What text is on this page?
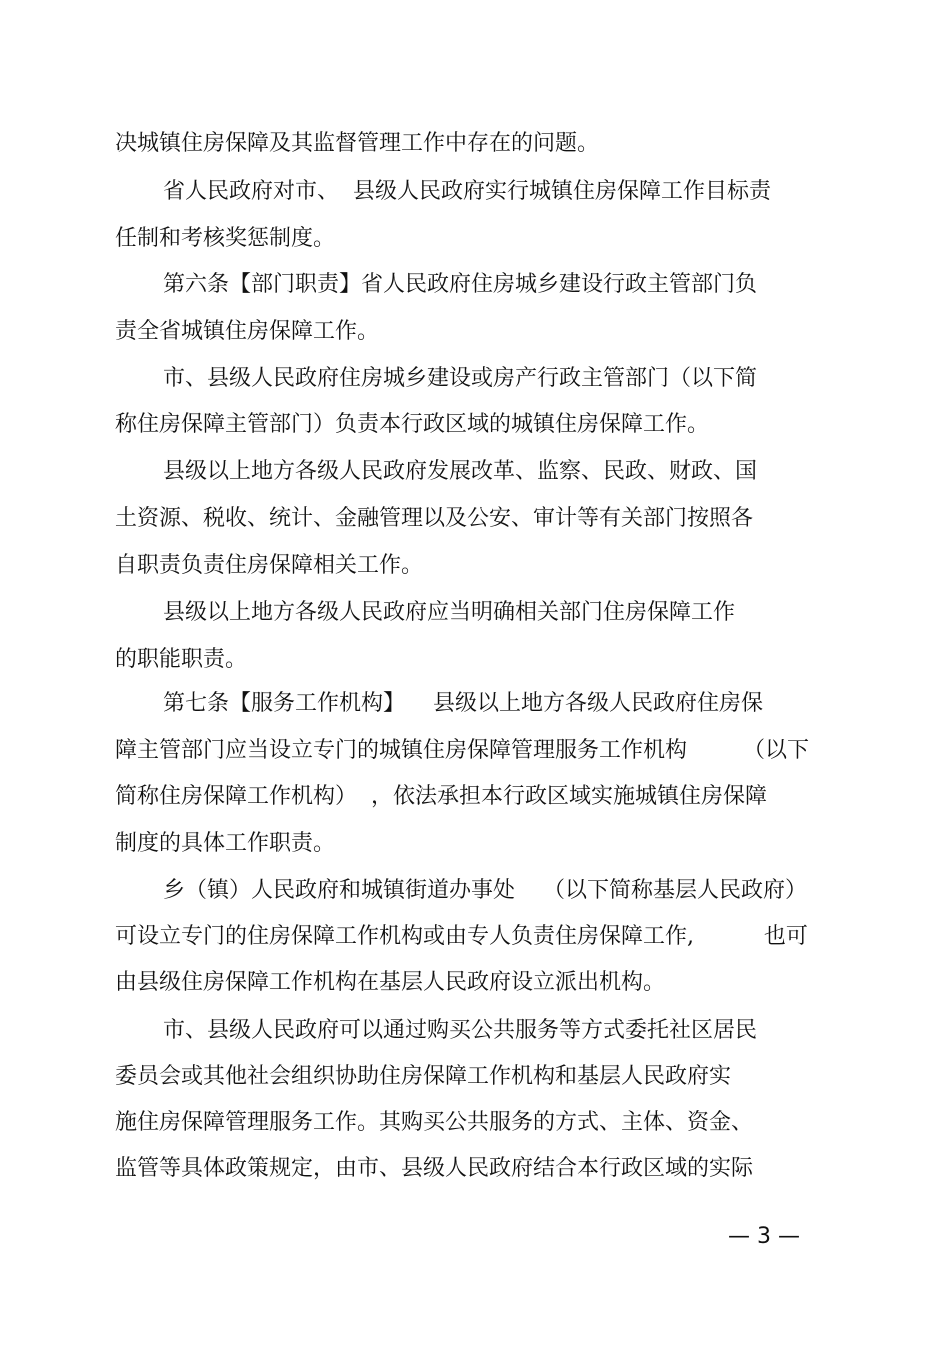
决城镇住房保障及其监督管理工作中存在的问题。
省人民政府对市、  县级人民政府实行城镇住房保障工作目标责
任制和考核奖惩制度。
第六条【部门职责】省人民政府住房城乡建设行政主管部门负
责全省城镇住房保障工作。
市、县级人民政府住房城乡建设或房产行政主管部门（以下简
称住房保障主管部门）负责本行政区域的城镇住房保障工作。
县级以上地方各级人民政府发展改革、监察、民政、财政、国
土资源、税收、统计、金融管理以及公安、审计等有关部门按照各
自职责负责住房保障相关工作。
县级以上地方各级人民政府应当明确相关部门住房保障工作
的职能职责。
第七条【服务工作机构】    县级以上地方各级人民政府住房保
障主管部门应当设立专门的城镇住房保障管理服务工作机构        （以下
简称住房保障工作机构）  ，依法承担本行政区域实施城镇住房保障
制度的具体工作职责。
乡（镇）人民政府和城镇街道办事处    （以下简称基层人民政府）
可设立专门的住房保障工作机构或由专人负责住房保障工作,          也可
由县级住房保障工作机构在基层人民政府设立派出机构。
市、县级人民政府可以通过购买公共服务等方式委托社区居民
委员会或其他社会组织协助住房保障工作机构和基层人民政府实
施住房保障管理服务工作。其购买公共服务的方式、主体、资金、
监管等具体政策规定，由市、县级人民政府结合本行政区域的实际
— 3 —
